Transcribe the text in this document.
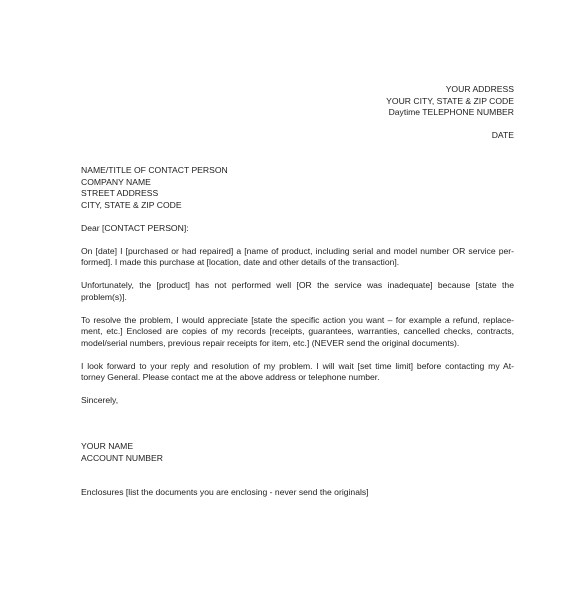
YOUR ADDRESS
YOUR CITY, STATE & ZIP CODE
Daytime TELEPHONE NUMBER
DATE
NAME/TITLE OF CONTACT PERSON
COMPANY NAME
STREET ADDRESS
CITY, STATE & ZIP CODE
Dear [CONTACT PERSON]:
On [date] I [purchased or had repaired] a [name of product, including serial and model number OR service per-
formed]. I made this purchase at [location, date and other details of the transaction].
Unfortunately, the [product] has not performed well [OR the service was inadequate] because [state the
problem(s)].
To resolve the problem, I would appreciate [state the specific action you want – for example a refund, replace-
ment, etc.] Enclosed are copies of my records [receipts, guarantees, warranties, cancelled checks, contracts,
model/serial numbers, previous repair receipts for item, etc.] (NEVER send the original documents).
I look forward to your reply and resolution of my problem. I will wait [set time limit] before contacting my At-
torney General. Please contact me at the above address or telephone number.
Sincerely,
YOUR NAME
ACCOUNT NUMBER
Enclosures [list the documents you are enclosing - never send the originals]
